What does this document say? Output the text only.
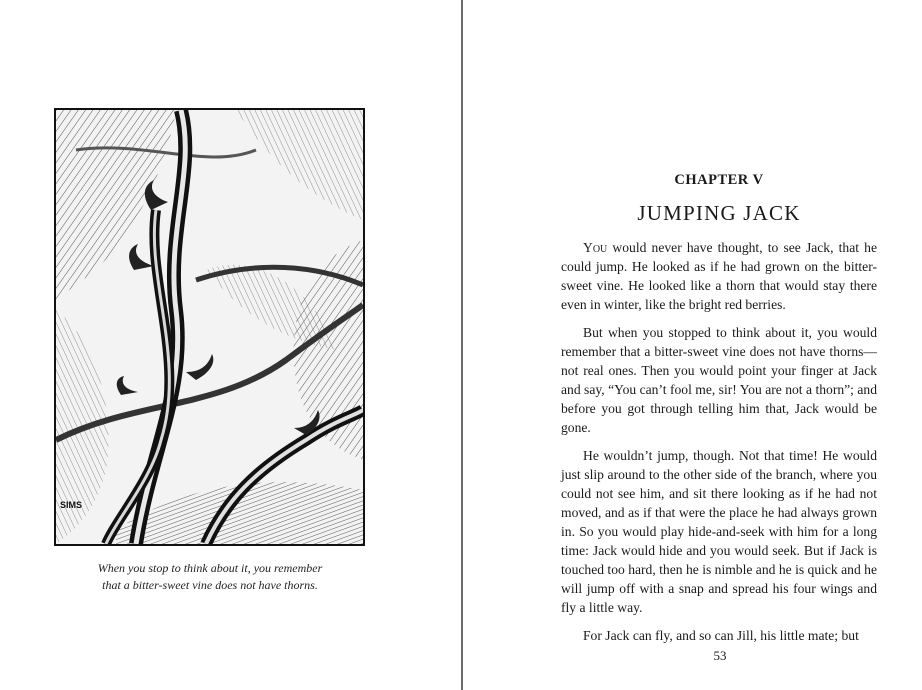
SIMS
When you stop to think about it, you remember
that a bitter-sweet vine does not have thorns.
CHAPTER V
JUMPING JACK

You would never have thought, to see Jack, that he could jump. He looked as if he had grown on the bitter-sweet vine. He looked like a thorn that would stay there even in winter, like the bright red berries.

But when you stopped to think about it, you would remember that a bitter-sweet vine does not have thorns—not real ones. Then you would point your finger at Jack and say, “You can’t fool me, sir! You are not a thorn”; and before you got through telling him that, Jack would be gone.

He wouldn’t jump, though. Not that time! He would just slip around to the other side of the branch, where you could not see him, and sit there looking as if he had not moved, and as if that were the place he had always grown in. So you would play hide-and-seek with him for a long time: Jack would hide and you would seek. But if Jack is touched too hard, then he is nimble and he is quick and he will jump off with a snap and spread his four wings and fly a little way.

For Jack can fly, and so can Jill, his little mate; but

53
